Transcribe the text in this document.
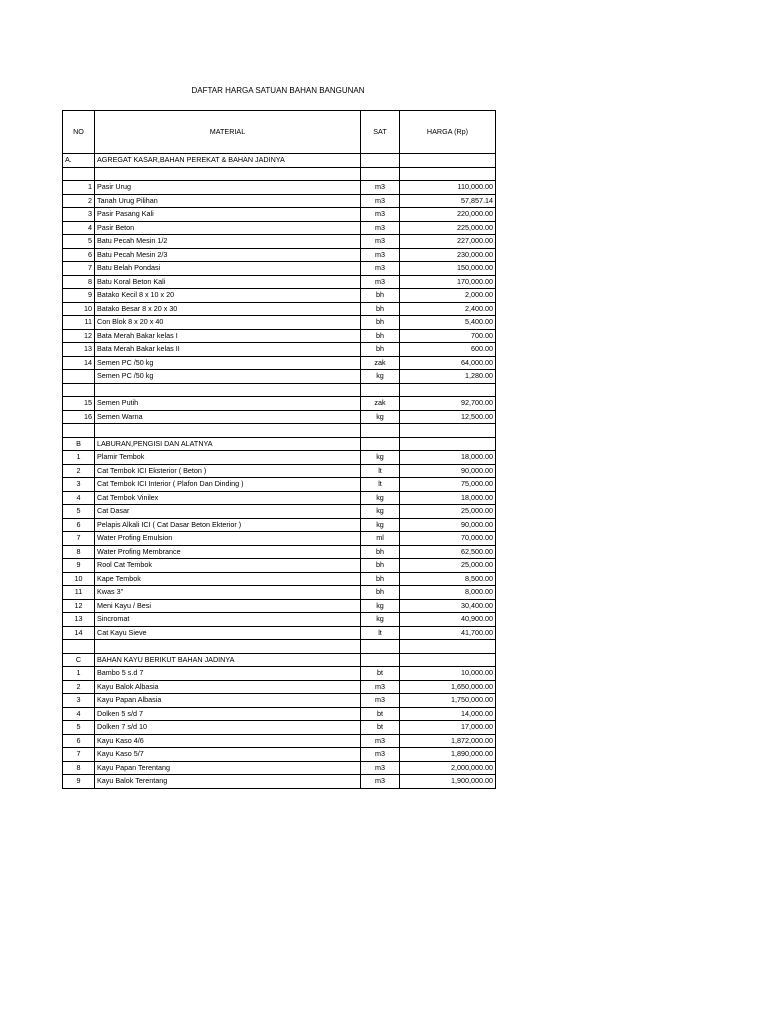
DAFTAR HARGA SATUAN BAHAN BANGUNAN
NO	MATERIAL	SAT	HARGA (Rp)
A.	AGREGAT KASAR,BAHAN PEREKAT & BAHAN JADINYA		

1	Pasir Urug	m3	110,000.00
2	Tanah Urug Pilihan	m3	57,857.14
3	Pasir Pasang Kali	m3	220,000.00
4	Pasir Beton	m3	225,000.00
5	Batu Pecah Mesin 1/2	m3	227,000.00
6	Batu Pecah Mesin 2/3	m3	230,000.00
7	Batu Belah Pondasi	m3	150,000.00
8	Batu Koral Beton Kali	m3	170,000.00
9	Batako Kecil 8 x 10 x 20	bh	2,000.00
10	Batako Besar 8 x 20 x 30	bh	2,400.00
11	Con Blok 8 x 20 x 40	bh	5,400.00
12	Bata Merah Bakar kelas I	bh	700.00
13	Bata Merah Bakar kelas II	bh	600.00
14	Semen PC /50 kg	zak	64,000.00
	Semen PC /50 kg	kg	1,280.00

15	Semen Putih	zak	92,700.00
16	Semen Warna	kg	12,500.00

B	LABURAN,PENGISI DAN ALATNYA		
1	Plamir Tembok	kg	18,000.00
2	Cat Tembok ICI Eksterior ( Beton )	lt	90,000.00
3	Cat Tembok ICI Interior ( Plafon Dan Dinding )	lt	75,000.00
4	Cat Tembok Vinilex	kg	18,000.00
5	Cat Dasar	kg	25,000.00
6	Pelapis Alkali ICI ( Cat Dasar Beton Ekterior )	kg	90,000.00
7	Water Profing Emulsion	ml	70,000.00
8	Water Profing Membrance	bh	62,500.00
9	Rool Cat Tembok	bh	25,000.00
10	Kape Tembok	bh	8,500.00
11	Kwas 3"	bh	8,000.00
12	Meni Kayu / Besi	kg	30,400.00
13	Sincromat	kg	40,900.00
14	Cat Kayu Sieve	lt	41,700.00

C	BAHAN KAYU BERIKUT BAHAN JADINYA		
1	Bambo 5 s.d 7	bt	10,000.00
2	Kayu Balok Albasia	m3	1,650,000.00
3	Kayu Papan Albasia	m3	1,750,000.00
4	Dolken 5 s/d 7	bt	14,000.00
5	Dolken 7 s/d 10	bt	17,000.00
6	Kayu Kaso 4/6	m3	1,872,000.00
7	Kayu Kaso 5/7	m3	1,890,000.00
8	Kayu Papan Terentang	m3	2,000,000.00
9	Kayu Balok Terentang	m3	1,900,000.00
